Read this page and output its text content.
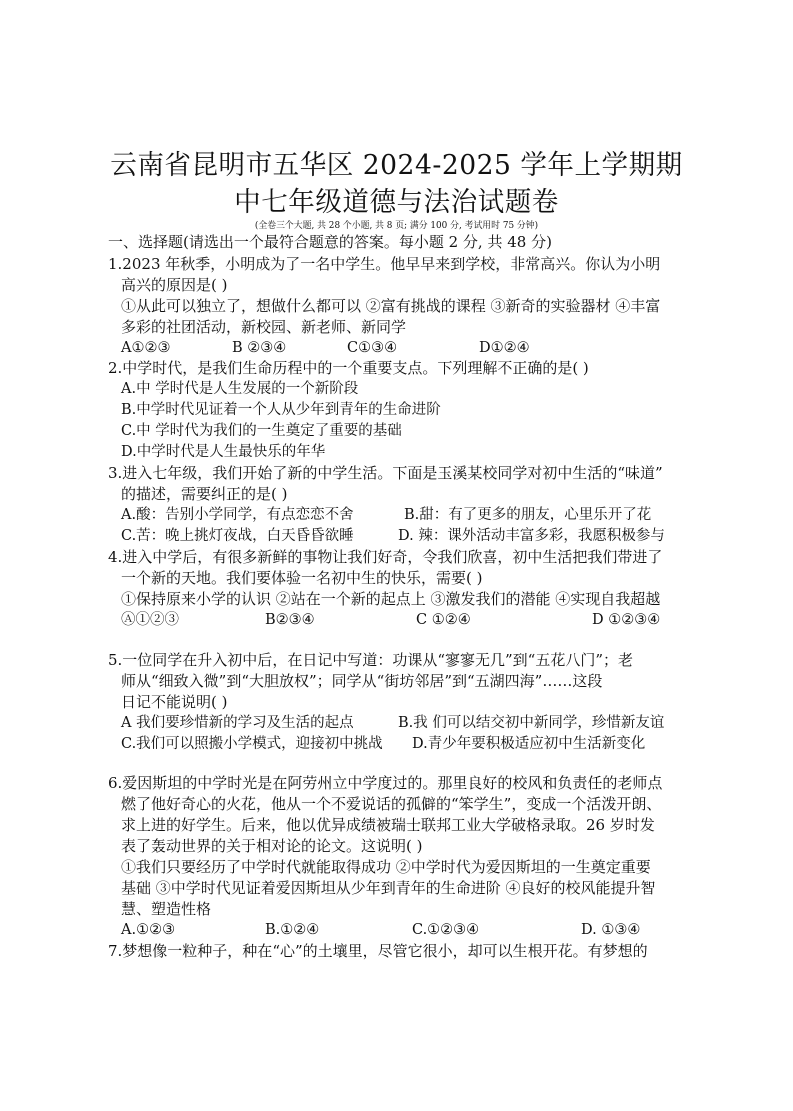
云南省昆明市五华区 2024-2025 学年上学期期
中七年级道德与法治试题卷
(全卷三个大题, 共 28 个小题, 共 8 页; 满分 100 分, 考试用时 75 分钟)
一、选择题(请选出一个最符合题意的答案。每小题 2 分, 共 48 分)
1.2023 年秋季，小明成为了一名中学生。他早早来到学校，非常高兴。你认为小明
高兴的原因是( )
①从此可以独立了，想做什么都可以 ②富有挑战的课程 ③新奇的实验器材 ④丰富
多彩的社团活动，新校园、新老师、新同学
A①②③	B ②③④	C①③④	D①②④
2.中学时代，是我们生命历程中的一个重要支点。下列理解不正确的是( )
A.中 学时代是人生发展的一个新阶段
B.中学时代见证着一个人从少年到青年的生命进阶
C.中 学时代为我们的一生奠定了重要的基础
D.中学时代是人生最快乐的年华
3.进入七年级，我们开始了新的中学生活。下面是玉溪某校同学对初中生活的“味道”
的描述，需要纠正的是( )
A.酸：告别小学同学，有点恋恋不舍	B.甜：有了更多的朋友，心里乐开了花
C.苦：晚上挑灯夜战，白天昏昏欲睡	D. 辣：课外活动丰富多彩，我愿积极参与
4.进入中学后，有很多新鲜的事物让我们好奇，令我们欣喜，初中生活把我们带进了
一个新的天地。我们要体验一名初中生的快乐，需要( )
①保持原来小学的认识 ②站在一个新的起点上 ③激发我们的潜能 ④实现自我超越
Ⓐ①②③	B②③④	C ①②④	D ①②③④
5.一位同学在升入初中后，在日记中写道：功课从“寥寥无几”到“五花八门”；老
师从“细致入微”到“大胆放权”；同学从“街坊邻居”到“五湖四海”……这段
日记不能说明( )
A 我们要珍惜新的学习及生活的起点	B.我 们可以结交初中新同学，珍惜新友谊
C.我们可以照搬小学模式，迎接初中挑战 D.青少年要积极适应初中生活新变化
6.爱因斯坦的中学时光是在阿劳州立中学度过的。那里良好的校风和负责任的老师点
燃了他好奇心的火花，他从一个不爱说话的孤僻的“笨学生”，变成一个活泼开朗、
求上进的好学生。后来，他以优异成绩被瑞士联邦工业大学破格录取。26 岁时发
表了轰动世界的关于相对论的论文。这说明( )
①我们只要经历了中学时代就能取得成功 ②中学时代为爱因斯坦的一生奠定重要
基础 ③中学时代见证着爱因斯坦从少年到青年的生命进阶 ④良好的校风能提升智
慧、塑造性格
A.①②③	B.①②④	C.①②③④	D. ①③④
7.梦想像一粒种子，种在“心”的土壤里，尽管它很小，却可以生根开花。有梦想的
